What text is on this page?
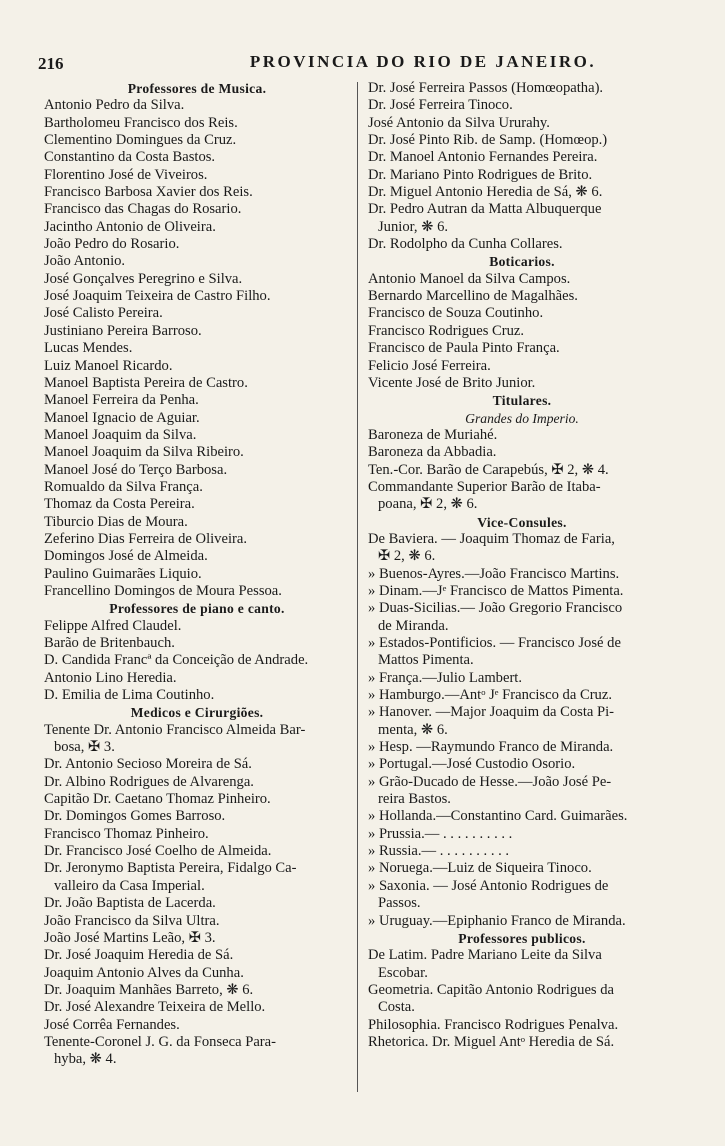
216	PROVINCIA DO RIO DE JANEIRO.
Professores de Musica.
Antonio Pedro da Silva.
Bartholomeu Francisco dos Reis.
Clementino Domingues da Cruz.
Constantino da Costa Bastos.
Florentino José de Viveiros.
Francisco Barbosa Xavier dos Reis.
Francisco das Chagas do Rosario.
Jacintho Antonio de Oliveira.
João Pedro do Rosario.
João Antonio.
José Gonçalves Peregrino e Silva.
José Joaquim Teixeira de Castro Filho.
José Calisto Pereira.
Justiniano Pereira Barroso.
Lucas Mendes.
Luiz Manoel Ricardo.
Manoel Baptista Pereira de Castro.
Manoel Ferreira da Penha.
Manoel Ignacio de Aguiar.
Manoel Joaquim da Silva.
Manoel Joaquim da Silva Ribeiro.
Manoel José do Terço Barbosa.
Romualdo da Silva França.
Thomaz da Costa Pereira.
Tiburcio Dias de Moura.
Zeferino Dias Ferreira de Oliveira.
Domingos José de Almeida.
Paulino Guimarães Liquio.
Francellino Domingos de Moura Pessoa.
Professores de piano e canto.
Felippe Alfred Claudel.
Barão de Britenbauch.
D. Candida Francª da Conceição de Andrade.
Antonio Lino Heredia.
D. Emilia de Lima Coutinho.
Medicos e Cirurgiões.
Tenente Dr. Antonio Francisco Almeida Bar-
bosa, ✠ 3.
Dr. Antonio Secioso Moreira de Sá.
Dr. Albino Rodrigues de Alvarenga.
Capitão Dr. Caetano Thomaz Pinheiro.
Dr. Domingos Gomes Barroso.
Francisco Thomaz Pinheiro.
Dr. Francisco José Coelho de Almeida.
Dr. Jeronymo Baptista Pereira, Fidalgo Ca-
valleiro da Casa Imperial.
Dr. João Baptista de Lacerda.
João Francisco da Silva Ultra.
João José Martins Leão, ✠ 3.
Dr. José Joaquim Heredia de Sá.
Joaquim Antonio Alves da Cunha.
Dr. Joaquim Manhães Barreto, ❋ 6.
Dr. José Alexandre Teixeira de Mello.
José Corrêa Fernandes.
Tenente-Coronel J. G. da Fonseca Para-
hyba, ❋ 4.
Dr. José Ferreira Passos (Homœopatha).
Dr. José Ferreira Tinoco.
José Antonio da Silva Ururahy.
Dr. José Pinto Rib. de Samp. (Homœop.)
Dr. Manoel Antonio Fernandes Pereira.
Dr. Mariano Pinto Rodrigues de Brito.
Dr. Miguel Antonio Heredia de Sá, ❋ 6.
Dr. Pedro Autran da Matta Albuquerque
Junior, ❋ 6.
Dr. Rodolpho da Cunha Collares.
Boticarios.
Antonio Manoel da Silva Campos.
Bernardo Marcellino de Magalhães.
Francisco de Souza Coutinho.
Francisco Rodrigues Cruz.
Francisco de Paula Pinto França.
Felicio José Ferreira.
Vicente José de Brito Junior.
Titulares.
Grandes do Imperio.
Baroneza de Muriahé.
Baroneza da Abbadia.
Ten.-Cor. Barão de Carapebús, ✠ 2, ❋ 4.
Commandante Superior Barão de Itaba-
poana, ✠ 2, ❋ 6.
Vice-Consules.
De Baviera. — Joaquim Thomaz de Faria,
✠ 2, ❋ 6.
» Buenos-Ayres.—João Francisco Martins.
» Dinam.—Jᵉ Francisco de Mattos Pimenta.
» Duas-Sicilias.— João Gregorio Francisco
de Miranda.
» Estados-Pontificios. — Francisco José de
Mattos Pimenta.
» França.—Julio Lambert.
» Hamburgo.—Antᵒ Jᵉ Francisco da Cruz.
» Hanover. —Major Joaquim da Costa Pi-
menta, ❋ 6.
» Hesp. —Raymundo Franco de Miranda.
» Portugal.—José Custodio Osorio.
» Grão-Ducado de Hesse.—João José Pe-
reira Bastos.
» Hollanda.—Constantino Card. Guimarães.
» Prussia.— . . . . . . . . . .
» Russia.— . . . . . . . . . .
» Noruega.—Luiz de Siqueira Tinoco.
» Saxonia. — José Antonio Rodrigues de
Passos.
» Uruguay.—Epiphanio Franco de Miranda.
Professores publicos.
De Latim. Padre Mariano Leite da Silva
Escobar.
Geometria. Capitão Antonio Rodrigues da
Costa.
Philosophia. Francisco Rodrigues Penalva.
Rhetorica. Dr. Miguel Antᵒ Heredia de Sá.
